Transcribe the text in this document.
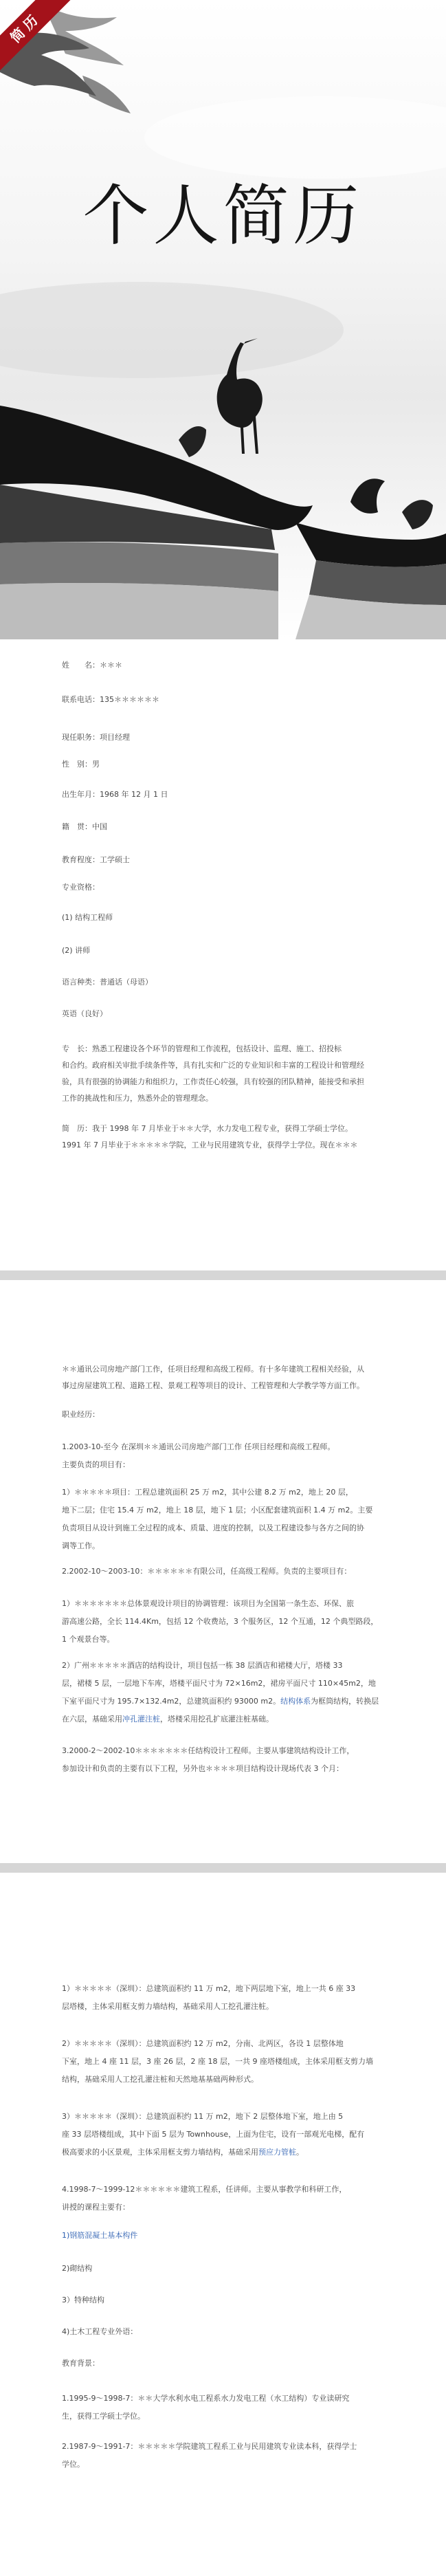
简历
个人简历
姓　　名：＊＊＊
联系电话：135＊＊＊＊＊＊
现任职务：项目经理
性　别：男
出生年月：1968 年 12 月 1 日
籍　贯：中国
教育程度：工学硕士
专业资格：
(1) 结构工程师
(2) 讲师
语言种类：普通话（母语）
英语（良好）
专　长：熟悉工程建设各个环节的管理和工作流程，包括设计、监理、施工、招投标
和合约。政府相关审批手续条件等，具有扎实和广泛的专业知识和丰富的工程设计和管理经
验，具有很强的协调能力和组织力，工作责任心较强，具有较强的团队精神，能接受和承担
工作的挑战性和压力，熟悉外企的管理理念。
简　历：我于 1998 年 7 月毕业于＊＊大学，水力发电工程专业，获得工学硕士学位。
1991 年 7 月毕业于＊＊＊＊＊学院，工业与民用建筑专业，获得学士学位。现在＊＊＊
＊＊通讯公司房地产部门工作，任项目经理和高级工程师。有十多年建筑工程相关经验，从
事过房屋建筑工程、道路工程、景观工程等项目的设计、工程管理和大学教学等方面工作。
职业经历：
1.2003-10-至今 在深圳＊＊通讯公司房地产部门工作 任项目经理和高级工程师。
主要负责的项目有：
1）＊＊＊＊＊项目：工程总建筑面积 25 万 m2，其中公建 8.2 万 m2，地上 20 层，
地下二层；住宅 15.4 万 m2，地上 18 层，地下 1 层；小区配套建筑面积 1.4 万 m2。主要
负责项目从设计到施工全过程的成本、质量、进度的控制，以及工程建设参与各方之间的协
调等工作。
2.2002-10～2003-10：＊＊＊＊＊＊有限公司，任高级工程师。负责的主要项目有：
1）＊＊＊＊＊＊＊总体景观设计项目的协调管理：该项目为全国第一条生态、环保、旅
游高速公路，全长 114.4Km，包括 12 个收费站，3 个服务区，12 个互通，12 个典型路段，
1 个观景台等。
2）广州＊＊＊＊＊酒店的结构设计，项目包括一栋 38 层酒店和裙楼大厅，塔楼 33
层，裙楼 5 层，一层地下车库，塔楼平面尺寸为 72×16m2，裙房平面尺寸 110×45m2，地
下室平面尺寸为 195.7×132.4m2，总建筑面积约 93000 m2。结构体系为框筒结构，转换层
在六层，基础采用冲孔灌注桩，塔楼采用挖孔扩底灌注桩基础。
3.2000-2～2002-10＊＊＊＊＊＊＊任结构设计工程师。主要从事建筑结构设计工作，
参加设计和负责的主要有以下工程，另外也＊＊＊＊项目结构设计现场代表 3 个月：
1）＊＊＊＊＊（深圳）：总建筑面积约 11 万 m2，地下两层地下室，地上一共 6 座 33
层塔楼，主体采用框支剪力墙结构，基础采用人工挖孔灌注桩。
2）＊＊＊＊＊（深圳）：总建筑面积约 12 万 m2，分南、北两区，各设 1 层整体地
下室，地上 4 座 11 层，3 座 26 层，2 座 18 层，一共 9 座塔楼组成，主体采用框支剪力墙
结构，基础采用人工挖孔灌注桩和天然地基基础两种形式。
3）＊＊＊＊＊（深圳）：总建筑面积约 11 万 m2，地下 2 层整体地下室，地上由 5
座 33 层塔楼组成，其中下面 5 层为 Townhouse，上面为住宅，设有一部观光电梯，配有
极高要求的小区景观，主体采用框支剪力墙结构，基础采用预应力管桩。
4.1998-7～1999-12＊＊＊＊＊＊建筑工程系，任讲师。主要从事教学和科研工作，
讲授的课程主要有：
1)钢筋混凝土基本构件
2)砌结构
3）特种结构
4)土木工程专业外语：
教育背景：
1.1995-9～1998-7：＊＊大学水利水电工程系水力发电工程（水工结构）专业读研究
生，获得工学硕士学位。
2.1987-9～1991-7：＊＊＊＊＊学院建筑工程系工业与民用建筑专业读本科，获得学士
学位。
